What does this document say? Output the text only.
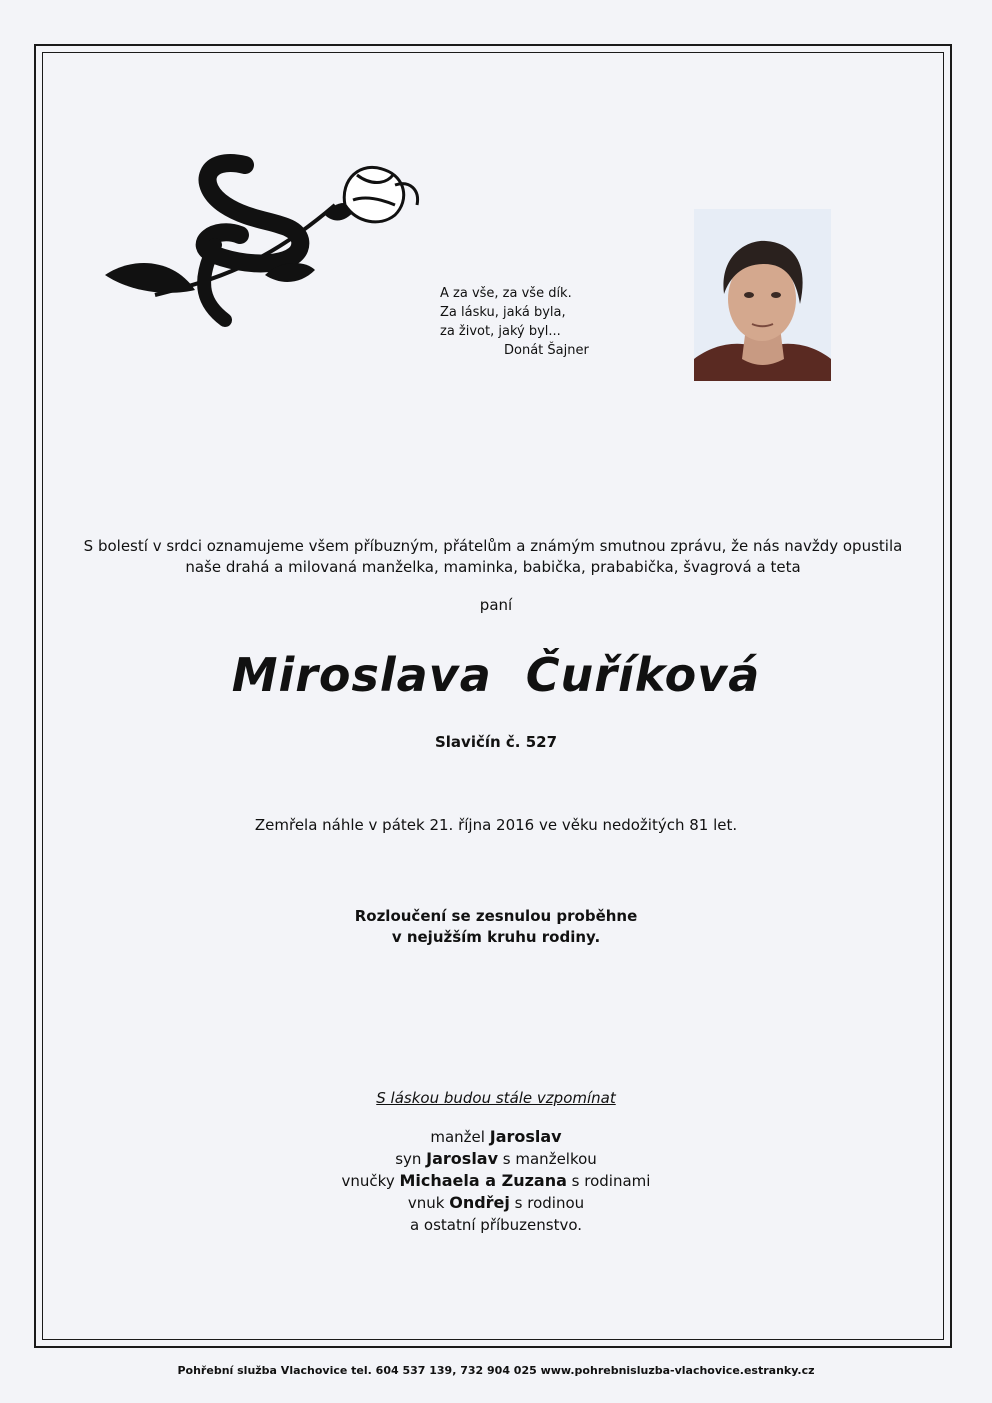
A za vše, za vše dík.
Za lásku, jaká byla,
za život, jaký byl...
Donát Šajner
S bolestí v srdci oznamujeme všem příbuzným, přátelům a známým smutnou zprávu, že nás navždy opustila
naše drahá a milovaná manželka, maminka, babička, prababička, švagrová a teta
paní
Miroslava  Čuříková
Slavičín č. 527
Zemřela náhle v pátek 21. října 2016 ve věku nedožitých 81 let.
Rozloučení se zesnulou proběhne
v nejužším kruhu rodiny.
S láskou budou stále vzpomínat
manžel Jaroslav
syn Jaroslav s manželkou
vnučky Michaela a Zuzana s rodinami
vnuk Ondřej s rodinou
a ostatní příbuzenstvo.
Pohřební služba Vlachovice tel. 604 537 139, 732 904 025 www.pohrebnisluzba-vlachovice.estranky.cz
